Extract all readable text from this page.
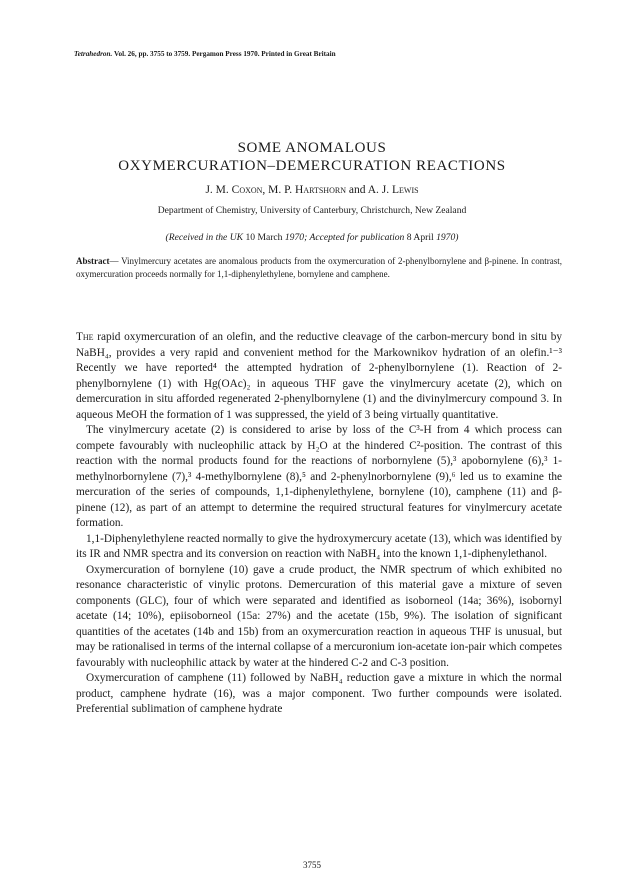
Tetrahedron. Vol. 26, pp. 3755 to 3759. Pergamon Press 1970. Printed in Great Britain
SOME ANOMALOUS
OXYMERCURATION–DEMERCURATION REACTIONS
J. M. Coxon, M. P. Hartshorn and A. J. Lewis
Department of Chemistry, University of Canterbury, Christchurch, New Zealand
(Received in the UK 10 March 1970; Accepted for publication 8 April 1970)
Abstract— Vinylmercury acetates are anomalous products from the oxymercuration of 2-phenylbornylene and β-pinene. In contrast, oxymercuration proceeds normally for 1,1-diphenylethylene, bornylene and camphene.

The rapid oxymercuration of an olefin, and the reductive cleavage of the carbon-mercury bond in situ by NaBH₄, provides a very rapid and convenient method for the Markownikov hydration of an olefin.¹⁻³ Recently we have reported⁴ the attempted hydration of 2-phenylbornylene (1). Reaction of 2-phenylbornylene (1) with Hg(OAc)₂ in aqueous THF gave the vinylmercury acetate (2), which on demercuration in situ afforded regenerated 2-phenylbornylene (1) and the divinylmercury compound 3. In aqueous MeOH the formation of 1 was suppressed, the yield of 3 being virtually quantitative.

The vinylmercury acetate (2) is considered to arise by loss of the C³-H from 4 which process can compete favourably with nucleophilic attack by H₂O at the hindered C²-position. The contrast of this reaction with the normal products found for the reactions of norbornylene (5),³ apobornylene (6),³ 1-methylnorbornylene (7),³ 4-methylbornylene (8),⁵ and 2-phenylnorbornylene (9),⁶ led us to examine the mercuration of the series of compounds, 1,1-diphenylethylene, bornylene (10), camphene (11) and β-pinene (12), as part of an attempt to determine the required structural features for vinylmercury acetate formation.

1,1-Diphenylethylene reacted normally to give the hydroxymercury acetate (13), which was identified by its IR and NMR spectra and its conversion on reaction with NaBH₄ into the known 1,1-diphenylethanol.

Oxymercuration of bornylene (10) gave a crude product, the NMR spectrum of which exhibited no resonance characteristic of vinylic protons. Demercuration of this material gave a mixture of seven components (GLC), four of which were separated and identified as isoborneol (14a; 36%), isobornyl acetate (14; 10%), epiisoborneol (15a: 27%) and the acetate (15b, 9%). The isolation of significant quantities of the acetates (14b and 15b) from an oxymercuration reaction in aqueous THF is unusual, but may be rationalised in terms of the internal collapse of a mercuronium ion-acetate ion-pair which competes favourably with nucleophilic attack by water at the hindered C-2 and C-3 position.

Oxymercuration of camphene (11) followed by NaBH₄ reduction gave a mixture in which the normal product, camphene hydrate (16), was a major component. Two further compounds were isolated. Preferential sublimation of camphene hydrate

3755
